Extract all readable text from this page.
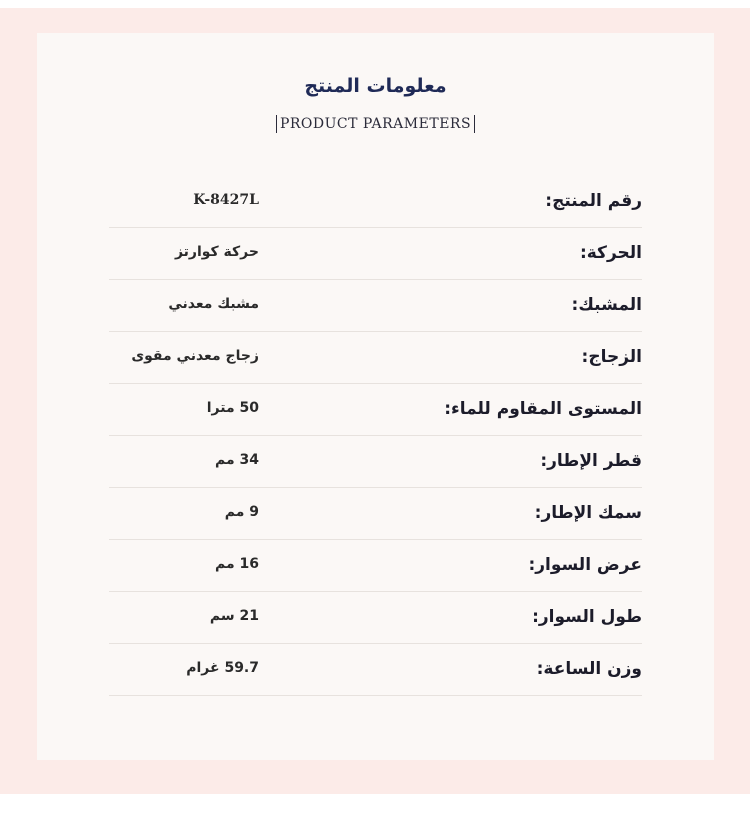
معلومات المنتج
PRODUCT PARAMETERS
رقم المنتج:
K-8427L
الحركة:
حركة كوارتز
المشبك:
مشبك معدني
الزجاج:
زجاج معدني مقوى
المستوى المقاوم للماء:
50 مترا
قطر الإطار:
34 مم
سمك الإطار:
9 مم
عرض السوار:
16 مم
طول السوار:
21 سم
وزن الساعة:
59.7 غرام
